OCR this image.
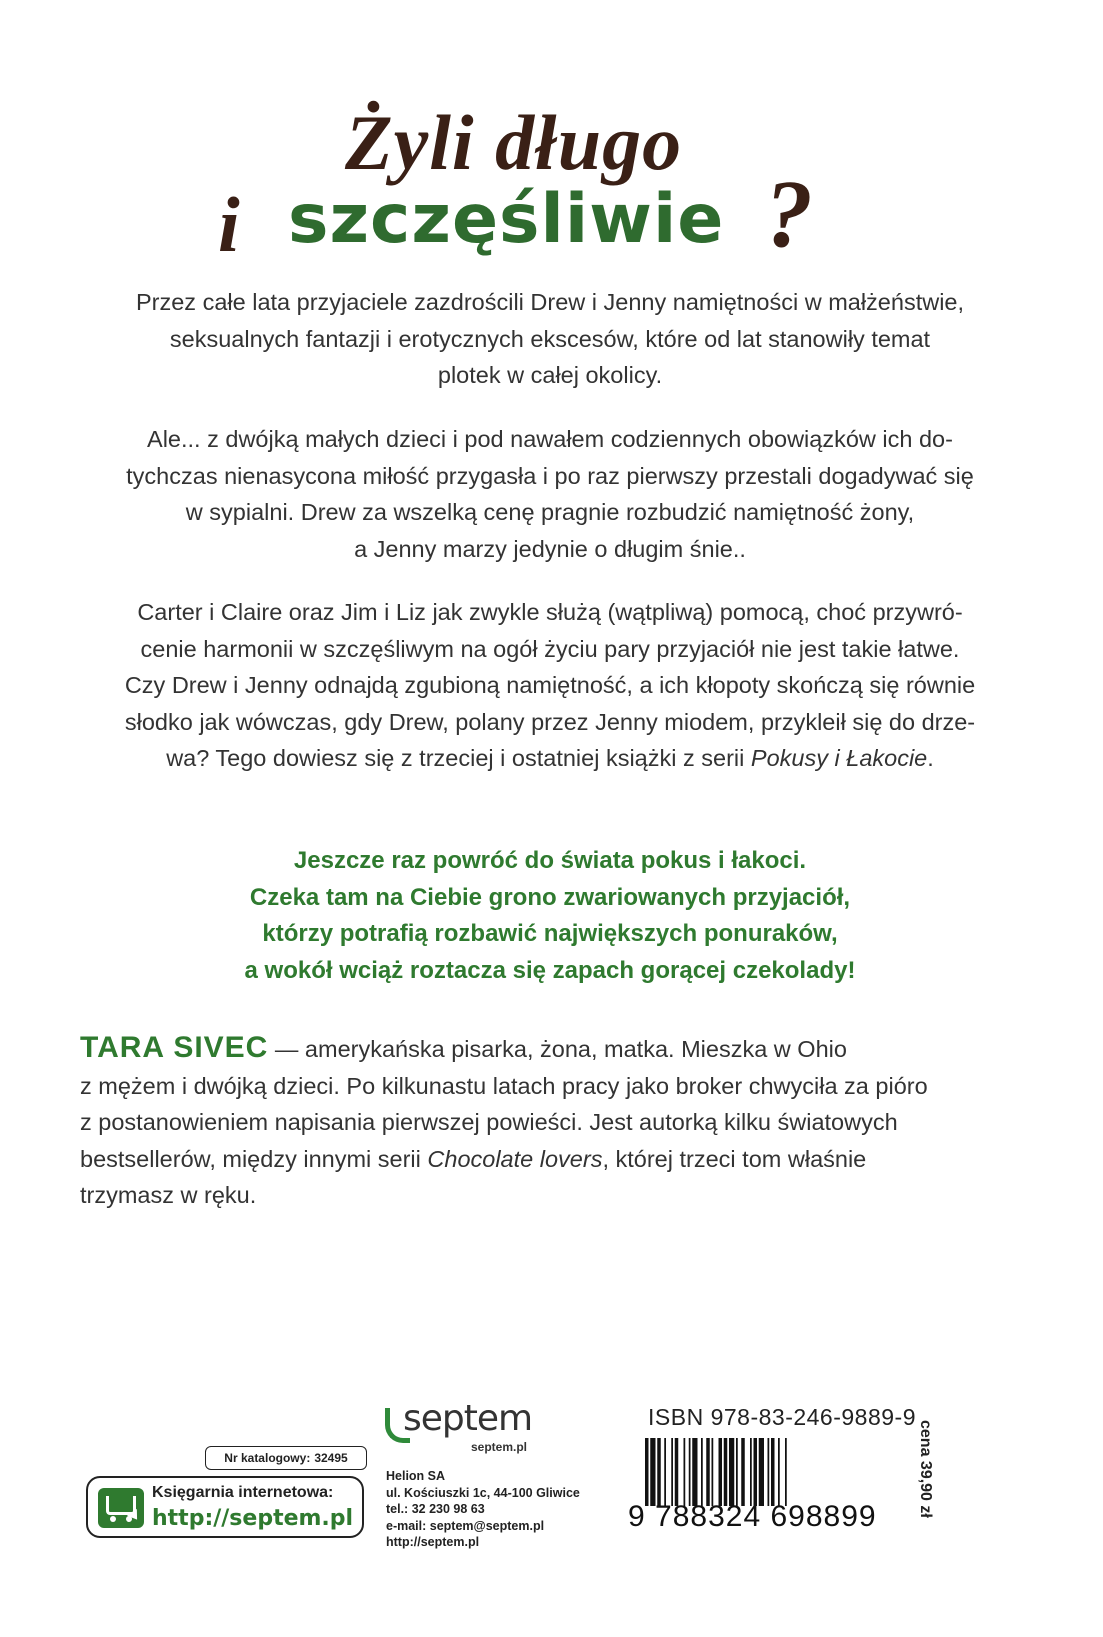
Żyli długo
i szczęśliwie ?
Przez całe lata przyjaciele zazdrościli Drew i Jenny namiętności w małżeństwie,
seksualnych fantazji i erotycznych ekscesów, które od lat stanowiły temat
plotek w całej okolicy.
Ale... z dwójką małych dzieci i pod nawałem codziennych obowiązków ich do-
tychczas nienasycona miłość przygasła i po raz pierwszy przestali dogadywać się
w sypialni. Drew za wszelką cenę pragnie rozbudzić namiętność żony,
a Jenny marzy jedynie o długim śnie..
Carter i Claire oraz Jim i Liz jak zwykle służą (wątpliwą) pomocą, choć przywró-
cenie harmonii w szczęśliwym na ogół życiu pary przyjaciół nie jest takie łatwe.
Czy Drew i Jenny odnajdą zgubioną namiętność, a ich kłopoty skończą się równie
słodko jak wówczas, gdy Drew, polany przez Jenny miodem, przykleił się do drze-
wa? Tego dowiesz się z trzeciej i ostatniej książki z serii Pokusy i Łakocie.
Jeszcze raz powróć do świata pokus i łakoci.
Czeka tam na Ciebie grono zwariowanych przyjaciół,
którzy potrafią rozbawić największych ponuraków,
a wokół wciąż roztacza się zapach gorącej czekolady!
TARA SIVEC — amerykańska pisarka, żona, matka. Mieszka w Ohio
z mężem i dwójką dzieci. Po kilkunastu latach pracy jako broker chwyciła za pióro
z postanowieniem napisania pierwszej powieści. Jest autorką kilku światowych
bestsellerów, między innymi serii Chocolate lovers, której trzeci tom właśnie
trzymasz w ręku.
Nr katalogowy: 32495
Księgarnia internetowa:
http://septem.pl
septem
septem.pl
Helion SA
ul. Kościuszki 1c, 44-100 Gliwice
tel.: 32 230 98 63
e-mail: septem@septem.pl
http://septem.pl
ISBN 978-83-246-9889-9
9 788324 698899	cena 39,90 zł
